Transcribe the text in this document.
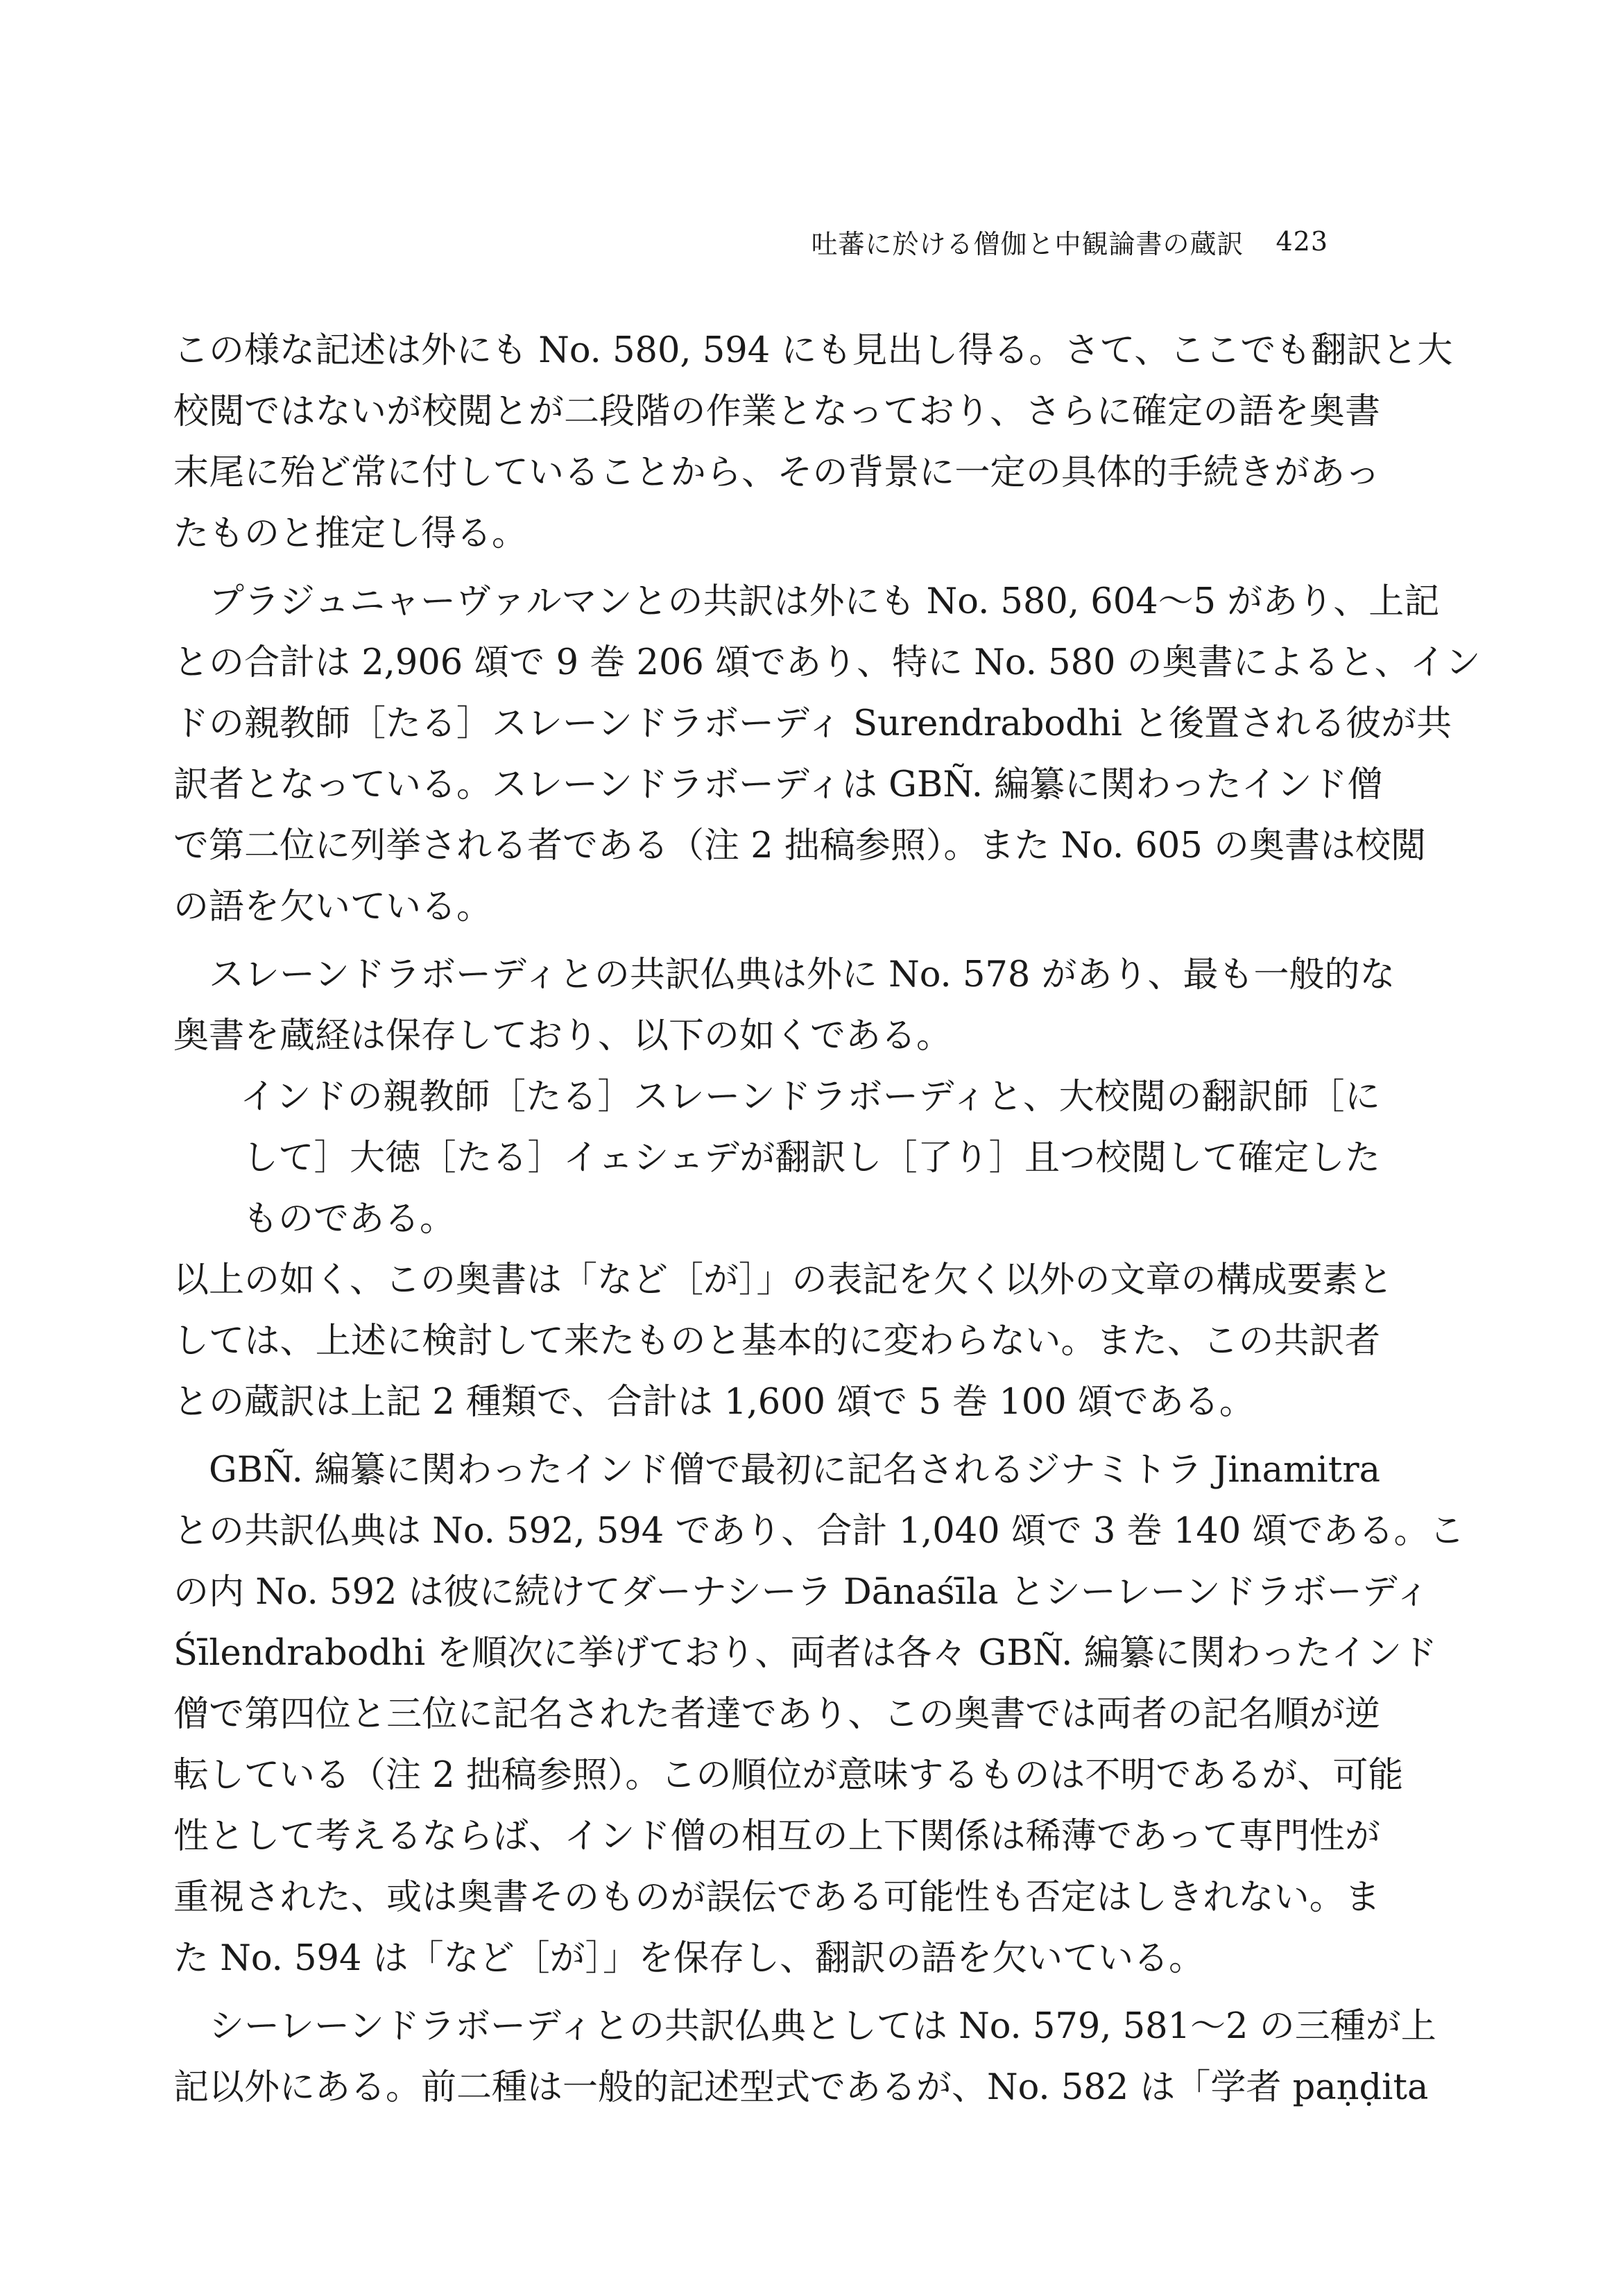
吐蕃に於ける僧伽と中観論書の蔵訳 423
この様な記述は外にも No. 580, 594 にも見出し得る。さて、ここでも翻訳と大
校閲ではないが校閲とが二段階の作業となっており、さらに確定の語を奥書
末尾に殆ど常に付していることから、その背景に一定の具体的手続きがあっ
たものと推定し得る。
プラジュニャーヴァルマンとの共訳は外にも No. 580, 604〜5 があり、上記
との合計は 2,906 頌で 9 巻 206 頌であり、特に No. 580 の奥書によると、イン
ドの親教師［たる］スレーンドラボーディ Surendrabodhi と後置される彼が共
訳者となっている。スレーンドラボーディは GBÑ. 編纂に関わったインド僧
で第二位に列挙される者である（注 2 拙稿参照）。また No. 605 の奥書は校閲
の語を欠いている。
スレーンドラボーディとの共訳仏典は外に No. 578 があり、最も一般的な
奥書を蔵経は保存しており、以下の如くである。
インドの親教師［たる］スレーンドラボーディと、大校閲の翻訳師［に
して］大徳［たる］イェシェデが翻訳し［了り］且つ校閲して確定した
ものである。
以上の如く、この奥書は「など［が］」の表記を欠く以外の文章の構成要素と
しては、上述に検討して来たものと基本的に変わらない。また、この共訳者
との蔵訳は上記 2 種類で、合計は 1,600 頌で 5 巻 100 頌である。
GBÑ. 編纂に関わったインド僧で最初に記名されるジナミトラ Jinamitra
との共訳仏典は No. 592, 594 であり、合計 1,040 頌で 3 巻 140 頌である。こ
の内 No. 592 は彼に続けてダーナシーラ Dānaśīla とシーレーンドラボーディ
Śīlendrabodhi を順次に挙げており、両者は各々 GBÑ. 編纂に関わったインド
僧で第四位と三位に記名された者達であり、この奥書では両者の記名順が逆
転している（注 2 拙稿参照）。この順位が意味するものは不明であるが、可能
性として考えるならば、インド僧の相互の上下関係は稀薄であって専門性が
重視された、或は奥書そのものが誤伝である可能性も否定はしきれない。ま
た No. 594 は「など［が］」を保存し、翻訳の語を欠いている。
シーレーンドラボーディとの共訳仏典としては No. 579, 581〜2 の三種が上
記以外にある。前二種は一般的記述型式であるが、No. 582 は「学者 paṇḍita
